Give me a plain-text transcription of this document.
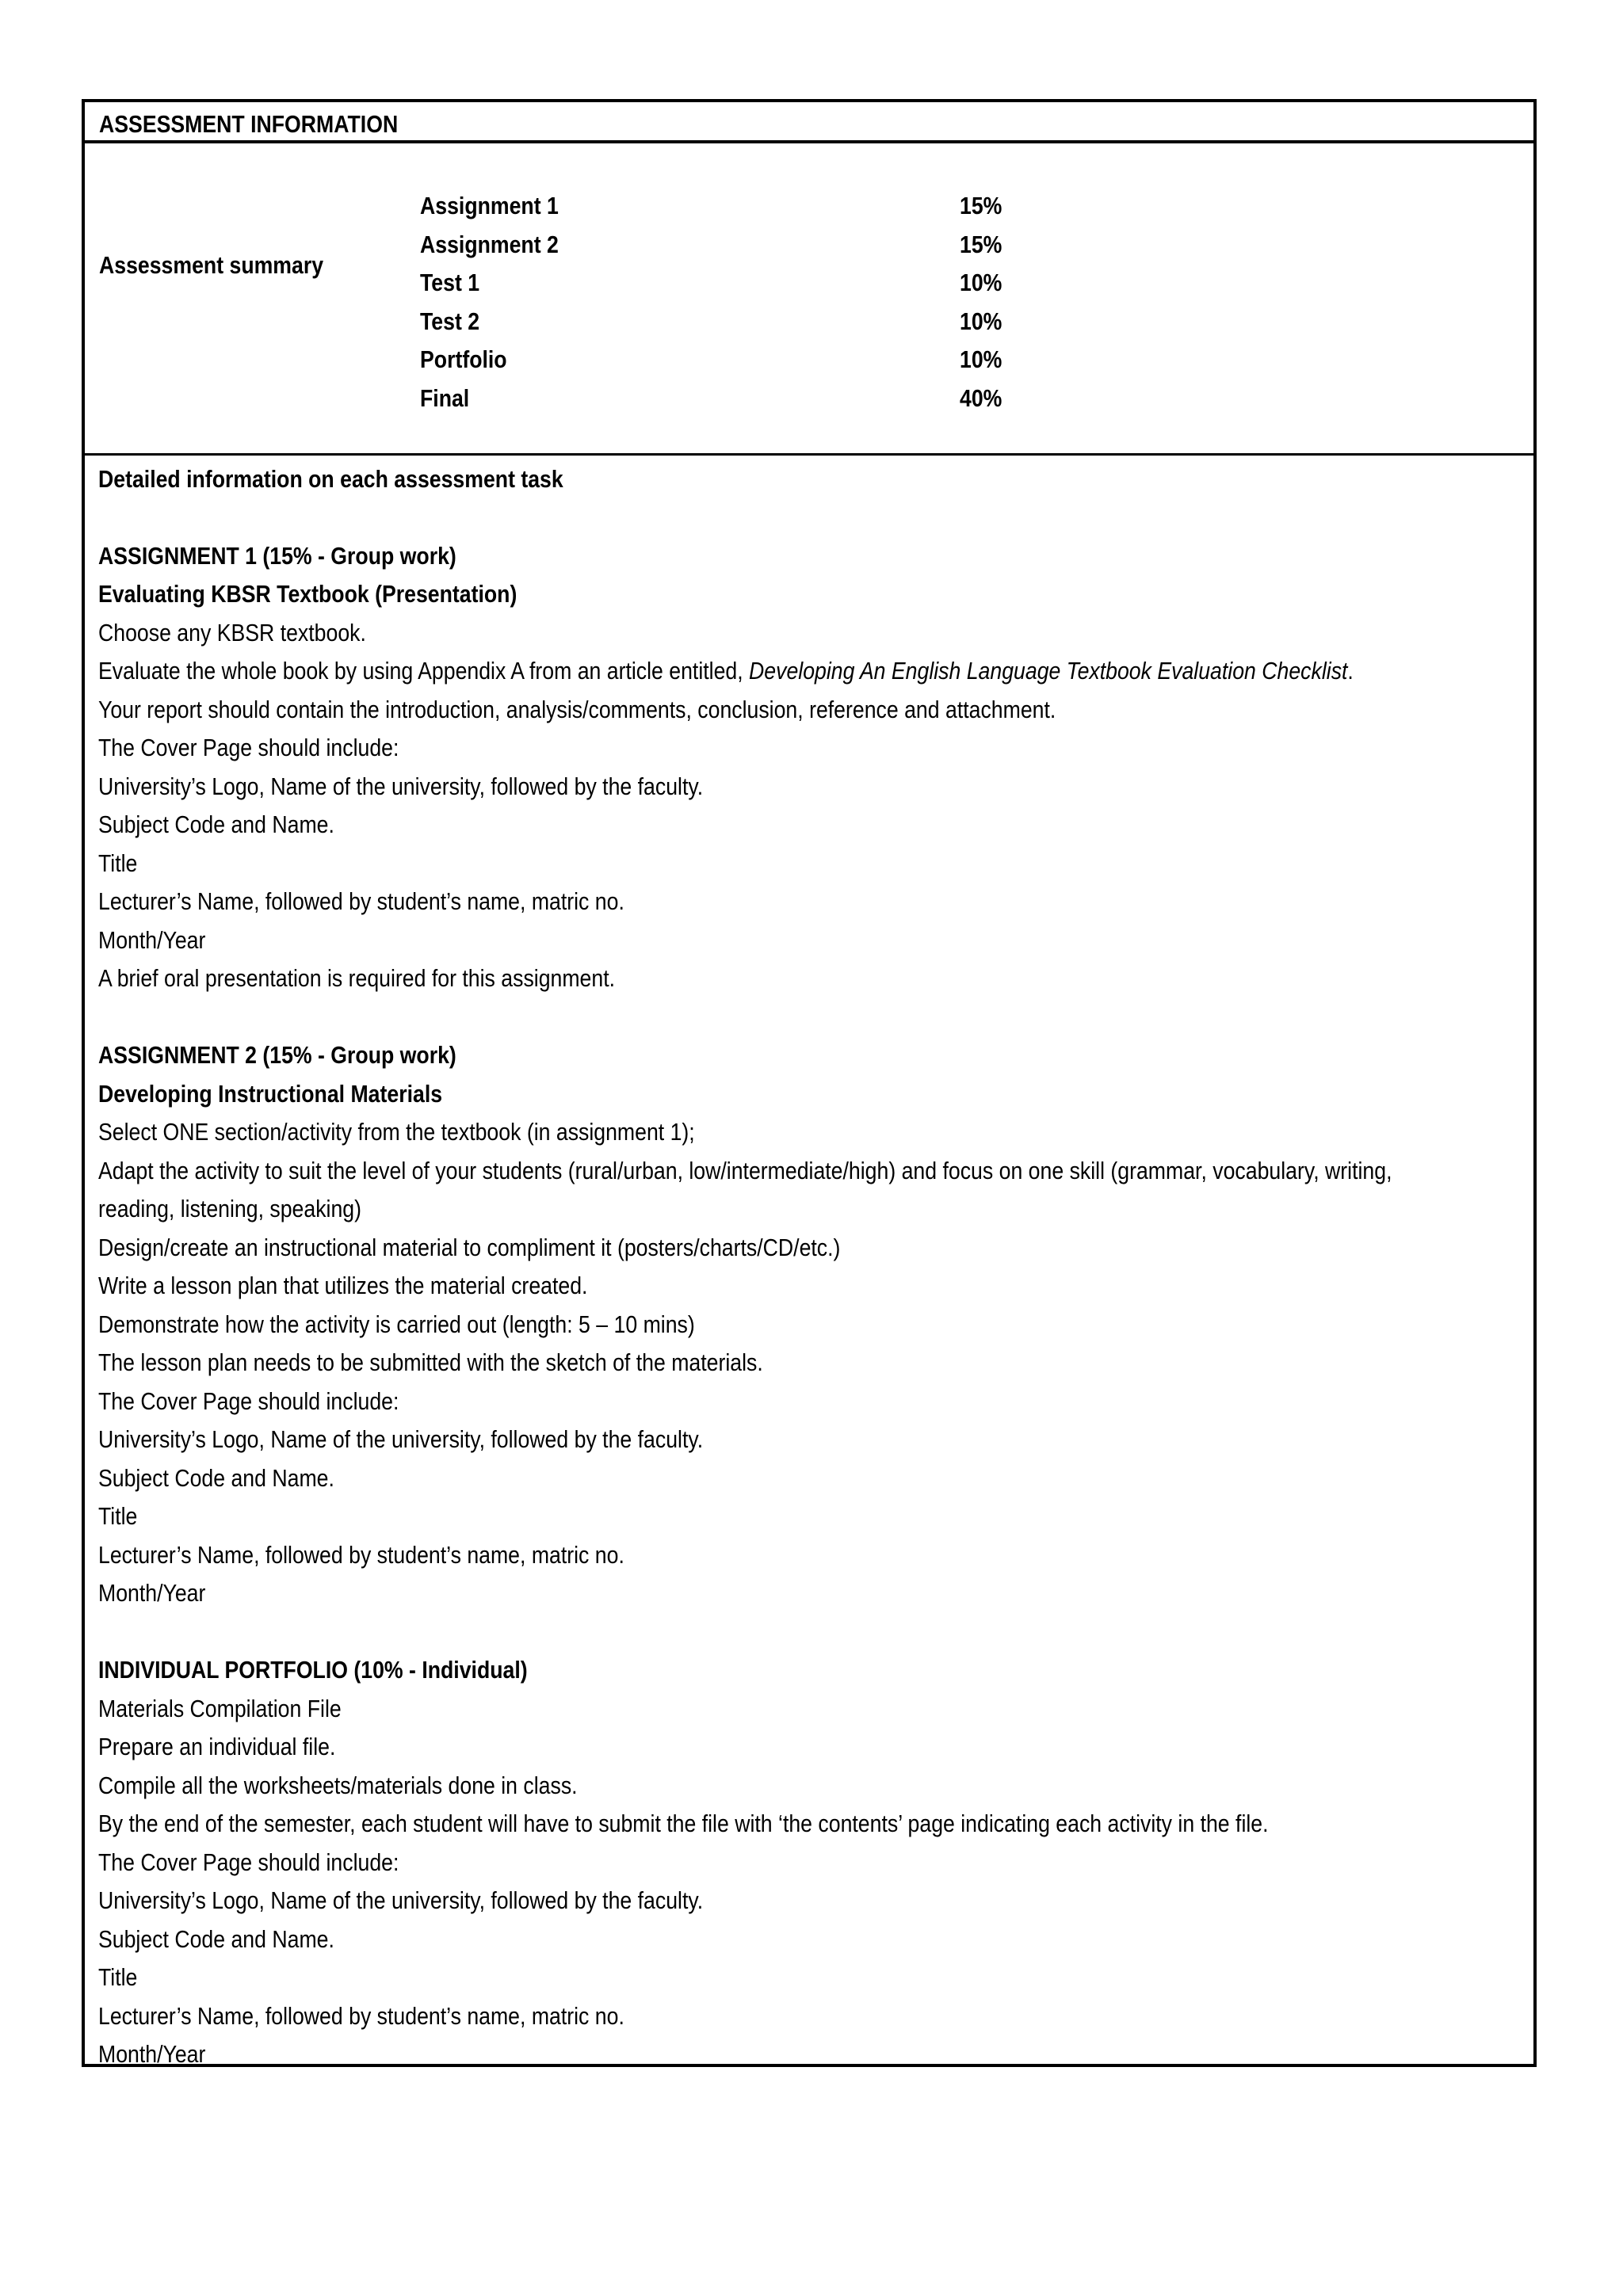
ASSESSMENT INFORMATION
Assessment summary
Assignment 1	15%
Assignment 2	15%
Test 1	10%
Test 2	10%
Portfolio	10%
Final	40%
Detailed information on each assessment task
ASSIGNMENT 1 (15% - Group work)
Evaluating KBSR Textbook (Presentation)
Choose any KBSR textbook.
Evaluate the whole book by using Appendix A from an article entitled, Developing An English Language Textbook Evaluation Checklist.
Your report should contain the introduction, analysis/comments, conclusion, reference and attachment.
The Cover Page should include:
University’s Logo, Name of the university, followed by the faculty.
Subject Code and Name.
Title
Lecturer’s Name, followed by student’s name, matric no.
Month/Year
A brief oral presentation is required for this assignment.
ASSIGNMENT 2 (15% - Group work)
Developing Instructional Materials
Select ONE section/activity from the textbook (in assignment 1);
Adapt the activity to suit the level of your students (rural/urban, low/intermediate/high) and focus on one skill (grammar, vocabulary, writing,
reading, listening, speaking)
Design/create an instructional material to compliment it (posters/charts/CD/etc.)
Write a lesson plan that utilizes the material created.
Demonstrate how the activity is carried out (length: 5 – 10 mins)
The lesson plan needs to be submitted with the sketch of the materials.
The Cover Page should include:
University’s Logo, Name of the university, followed by the faculty.
Subject Code and Name.
Title
Lecturer’s Name, followed by student’s name, matric no.
Month/Year
INDIVIDUAL PORTFOLIO (10% - Individual)
Materials Compilation File
Prepare an individual file.
Compile all the worksheets/materials done in class.
By the end of the semester, each student will have to submit the file with ‘the contents’ page indicating each activity in the file.
The Cover Page should include:
University’s Logo, Name of the university, followed by the faculty.
Subject Code and Name.
Title
Lecturer’s Name, followed by student’s name, matric no.
Month/Year
